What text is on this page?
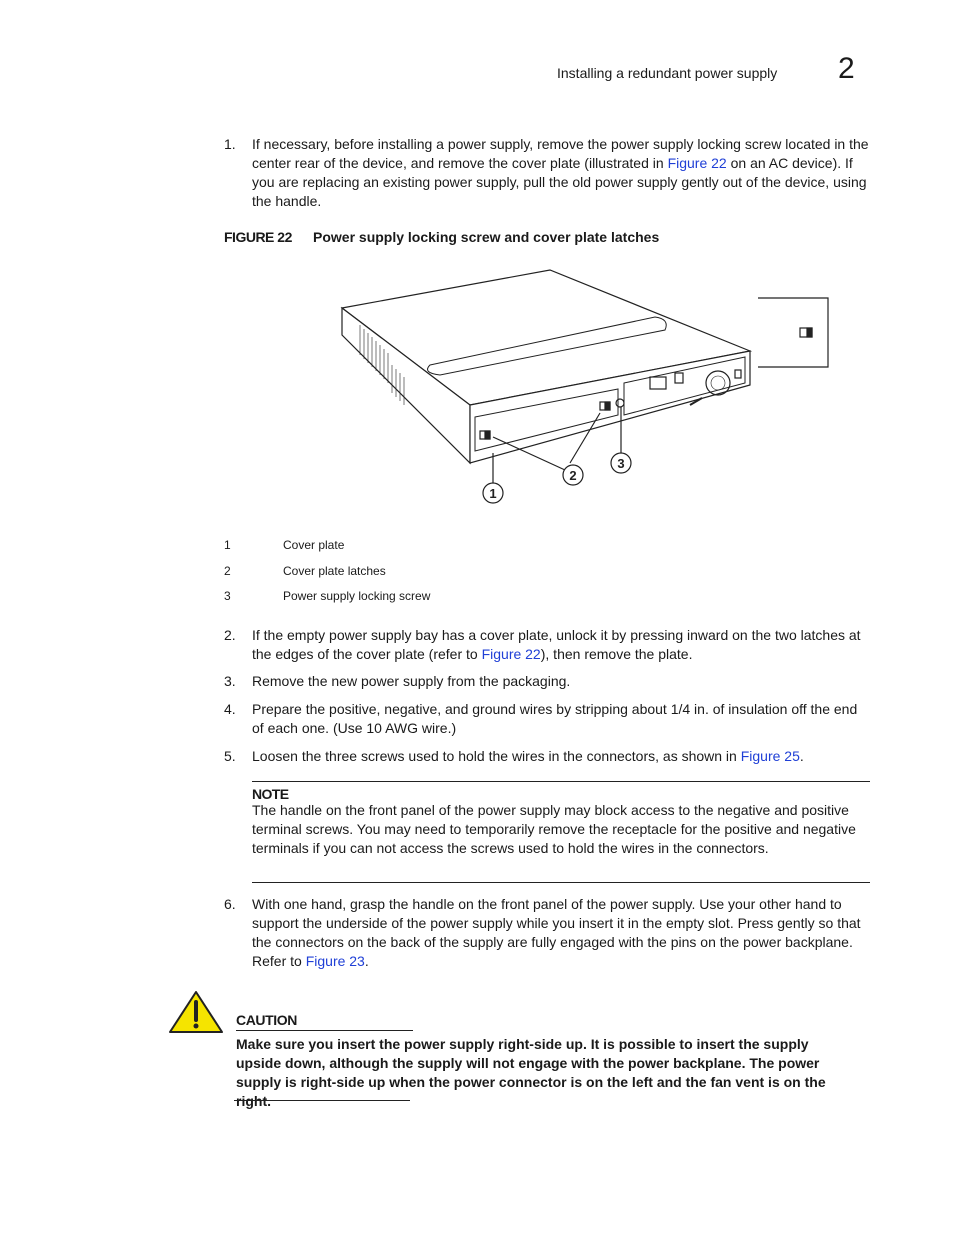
Installing a redundant power supply 2
1. If necessary, before installing a power supply, remove the power supply locking screw located in the center rear of the device, and remove the cover plate (illustrated in Figure 22 on an AC device). If you are replacing an existing power supply, pull the old power supply gently out of the device, using the handle.
FIGURE 22 Power supply locking screw and cover plate latches
1
2
3
1	Cover plate
2	Cover plate latches
3	Power supply locking screw
2. If the empty power supply bay has a cover plate, unlock it by pressing inward on the two latches at the edges of the cover plate (refer to Figure 22), then remove the plate.
3. Remove the new power supply from the packaging.
4. Prepare the positive, negative, and ground wires by stripping about 1/4 in. of insulation off the end of each one. (Use 10 AWG wire.)
5. Loosen the three screws used to hold the wires in the connectors, as shown in Figure 25.
NOTE
The handle on the front panel of the power supply may block access to the negative and positive terminal screws. You may need to temporarily remove the receptacle for the positive and negative terminals if you can not access the screws used to hold the wires in the connectors.
6. With one hand, grasp the handle on the front panel of the power supply. Use your other hand to support the underside of the power supply while you insert it in the empty slot. Press gently so that the connectors on the back of the supply are fully engaged with the pins on the power backplane. Refer to Figure 23.
CAUTION
Make sure you insert the power supply right-side up. It is possible to insert the supply upside down, although the supply will not engage with the power backplane. The power supply is right-side up when the power connector is on the left and the fan vent is on the right.
